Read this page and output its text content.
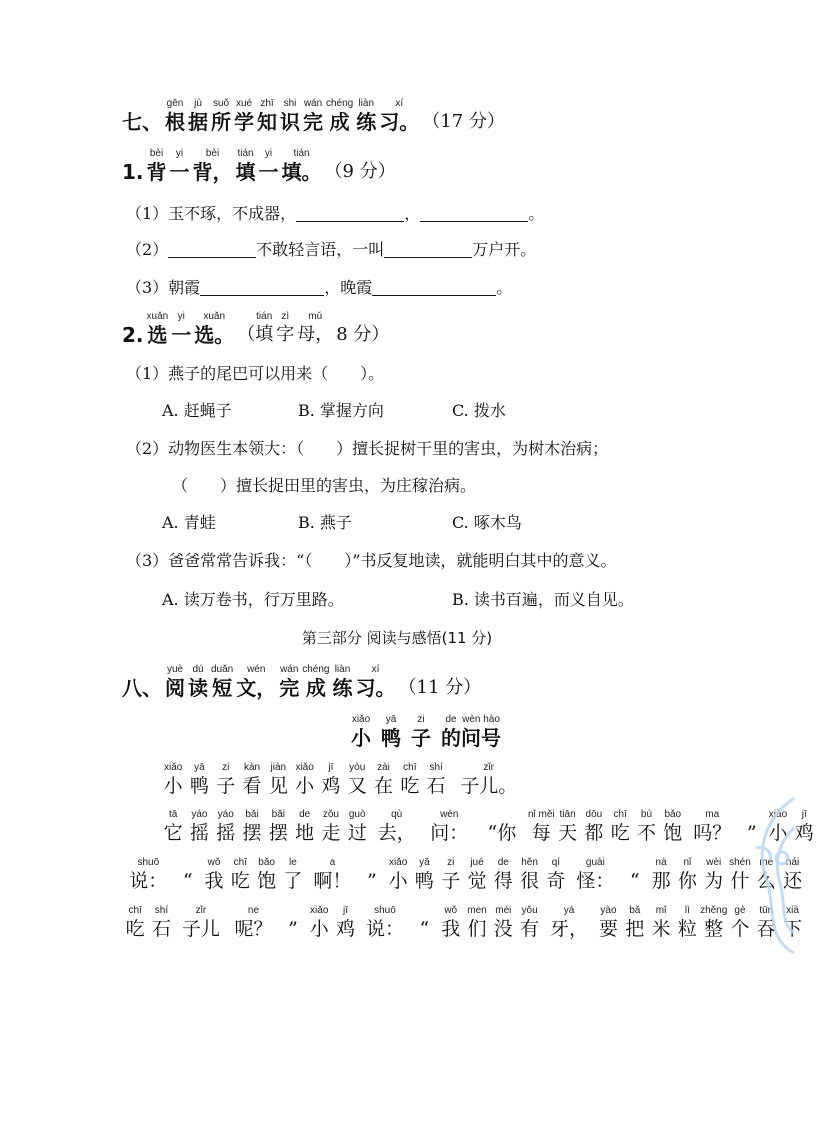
七、
gēn
根
jù
据
suǒ
所
xué
学
zhī
知
shi
识
wán
完
chéng
成
liàn
练
xí
习。 （17 分）
1.
bèi
背
yi
一
bèi
背，
tián
填
yi
一
tián
填。 （9 分）
（1）玉不琢，不成器，	，	。
（2）	不敢轻言语，一叫	万户开。
（3）朝霞	，晚霞	。
2.
xuǎn
选
yi
一
xuǎn
选。 （
tián
填
zì
字
mǔ
母， 8 分）
（1）燕子的尾巴可以用来（　　）。
A. 赶蝇子	B. 掌握方向	C. 拨水
（2）动物医生本领大：（　　）擅长捉树干里的害虫，为树木治病；
（　　）擅长捉田里的害虫，为庄稼治病。
A. 青蛙	B. 燕子	C. 啄木鸟
（3）爸爸常常告诉我：“（　　）”书反复地读，就能明白其中的意义。
A. 读万卷书，行万里路。	B. 读书百遍，而义自见。
第三部分 阅读与感悟(11 分)
八、
yuè
阅
dú
读
duǎn
短
wén
文，
wán
完
chéng
成
liàn
练
xí
习。 （11 分）
xiǎo
小
yā
鸭
zi
子
de
的
wèn hào
问号
xiǎo
小
yā
鸭
zi
子
kàn
看
jiàn
见
xiǎo
小
jī
鸡
yòu
又
zài
在
chī
吃
shí
石
zǐr
子儿。
tā
它
yáo
摇
yáo
摇
bǎi
摆
bǎi
摆
de
地
zǒu
走
guò
过
qù
去，
wèn
问： “你
nǐ měi
每
tiān
天
dōu
都
chī
吃
bù
不
bǎo
饱
ma
吗？ ”
xiǎo
小
jī
鸡
shuō
说： “
wǒ
我
chī
吃
bǎo
饱
le
了
a
啊！ ”
xiǎo
小
yā
鸭
zi
子
jué
觉
de
得
hěn
很
qí
奇
guài
怪： “
nà
那
nǐ
你
wèi
为
shén
什
me
么
hái
还
chī
吃
shí
石
zǐr
子儿
ne
呢？ ”
xiǎo
小
jī
鸡
shuō
说： “
wǒ
我
men
们
méi
没
yǒu
有
yá
牙，
yào
要
bǎ
把
mǐ
米
lì
粒
zhěng
整
gè
个
tūn
吞
xià
下
